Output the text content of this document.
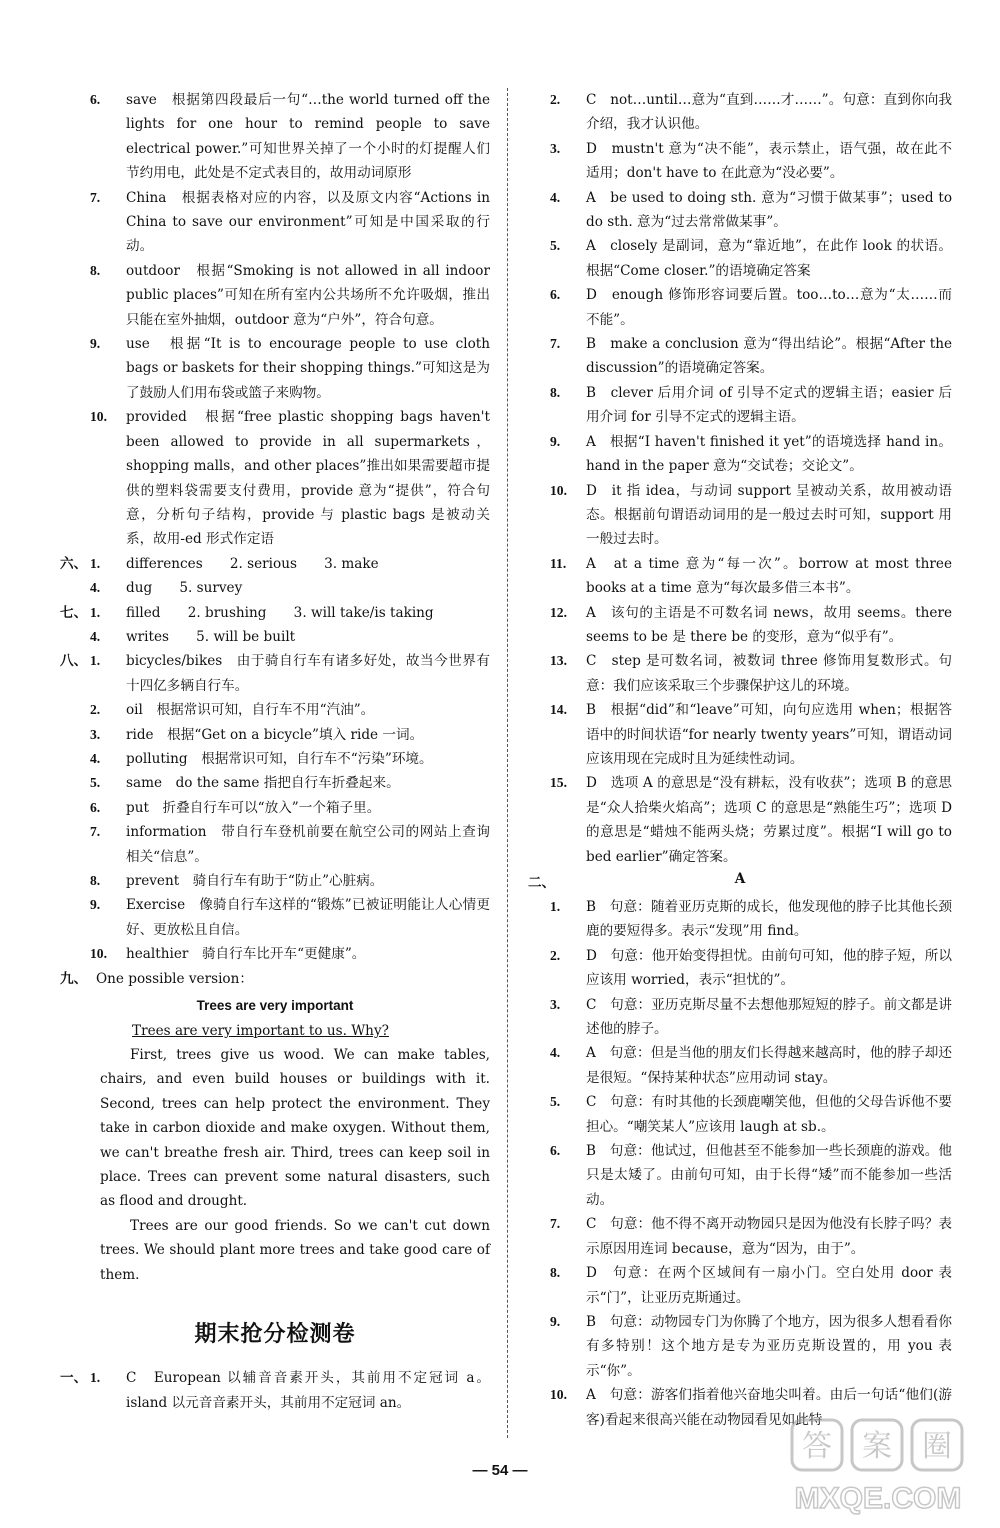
6. save　根据第四段最后一句“…the world turned off the lights for one hour to remind people to save electrical power.”可知世界关掉了一个小时的灯提醒人们节约用电，此处是不定式表目的，故用动词原形

7. China　根据表格对应的内容，以及原文内容“Actions in China to save our environment”可知是中国采取的行动。

8. outdoor　根据“Smoking is not allowed in all indoor public places”可知在所有室内公共场所不允许吸烟，推出只能在室外抽烟，outdoor 意为“户外”，符合句意。

9. use　根据“It is to encourage people to use cloth bags or baskets for their shopping things.”可知这是为了鼓励人们用布袋或篮子来购物。

10. provided　根据“free plastic shopping bags haven't been allowed to provide in all supermarkets，shopping malls，and other places”推出如果需要超市提供的塑料袋需要支付费用，provide 意为“提供”，符合句意，分析句子结构，provide 与 plastic bags 是被动关系，故用-ed 形式作定语

六、 1. differences　　2. serious　　3. make

4. dug　　5. survey

七、 1. filled　　2. brushing　　3. will take/is taking

4. writes　　5. will be built

八、 1. bicycles/bikes　由于骑自行车有诸多好处，故当今世界有十四亿多辆自行车。

2. oil　根据常识可知，自行车不用“汽油”。

3. ride　根据“Get on a bicycle”填入 ride 一词。

4. polluting　根据常识可知，自行车不“污染”环境。

5. same　do the same 指把自行车折叠起来。

6. put　折叠自行车可以“放入”一个箱子里。

7. information　带自行车登机前要在航空公司的网站上查询相关“信息”。

8. prevent　骑自行车有助于“防止”心脏病。

9. Exercise　像骑自行车这样的“锻炼”已被证明能让人心情更好、更放松且自信。

10. healthier　骑自行车比开车“更健康”。

九、 One possible version：

Trees are very important

Trees are very important to us. Why?

First, trees give us wood. We can make tables, chairs, and even build houses or buildings with it. Second, trees can help protect the environment. They take in carbon dioxide and make oxygen. Without them, we can't breathe fresh air. Third, trees can keep soil in place. Trees can prevent some natural disasters, such as flood and drought.

Trees are our good friends. So we can't cut down trees. We should plant more trees and take good care of them.

期末抢分检测卷

一、 1. C　European 以辅音音素开头，其前用不定冠词 a。island 以元音音素开头，其前用不定冠词 an。

2. C　not…until…意为“直到……才……”。句意：直到你向我介绍，我才认识他。

3. D　mustn't 意为“决不能”，表示禁止，语气强，故在此不适用；don't have to 在此意为“没必要”。

4. A　be used to doing sth. 意为“习惯于做某事”；used to do sth. 意为“过去常常做某事”。

5. A　closely 是副词，意为“靠近地”，在此作 look 的状语。根据“Come closer.”的语境确定答案

6. D　enough 修饰形容词要后置。too…to…意为“太……而不能”。

7. B　make a conclusion 意为“得出结论”。根据“After the discussion”的语境确定答案。

8. B　clever 后用介词 of 引导不定式的逻辑主语；easier 后用介词 for 引导不定式的逻辑主语。

9. A　根据“I haven't finished it yet”的语境选择 hand in。hand in the paper 意为“交试卷；交论文”。

10. D　it 指 idea，与动词 support 呈被动关系，故用被动语态。根据前句谓语动词用的是一般过去时可知，support 用一般过去时。

11. A　at a time 意为“每一次”。borrow at most three books at a time 意为“每次最多借三本书”。

12. A　该句的主语是不可数名词 news，故用 seems。there seems to be 是 there be 的变形，意为“似乎有”。

13. C　step 是可数名词，被数词 three 修饰用复数形式。句意：我们应该采取三个步骤保护这儿的环境。

14. B　根据“did”和“leave”可知，向句应选用 when；根据答语中的时间状语“for nearly twenty years”可知，谓语动词应该用现在完成时且为延续性动词。

15. D　选项 A 的意思是“没有耕耘，没有收获”；选项 B 的意思是“众人拾柴火焰高”；选项 C 的意思是“熟能生巧”；选项 D 的意思是“蜡烛不能两头烧；劳累过度”。根据“I will go to bed earlier”确定答案。

二、	A

1. B　句意：随着亚历克斯的成长，他发现他的脖子比其他长颈鹿的要短得多。表示“发现”用 find。

2. D　句意：他开始变得担忧。由前句可知，他的脖子短，所以应该用 worried，表示“担忧的”。

3. C　句意：亚历克斯尽量不去想他那短短的脖子。前文都是讲述他的脖子。

4. A　句意：但是当他的朋友们长得越来越高时，他的脖子却还是很短。“保持某种状态”应用动词 stay。

5. C　句意：有时其他的长颈鹿嘲笑他，但他的父母告诉他不要担心。“嘲笑某人”应该用 laugh at sb.。

6. B　句意：他试过，但他甚至不能参加一些长颈鹿的游戏。他只是太矮了。由前句可知，由于长得“矮”而不能参加一些活动。

7. C　句意：他不得不离开动物园只是因为他没有长脖子吗？表示原因用连词 because，意为“因为，由于”。

8. D　句意：在两个区域间有一扇小门。空白处用 door 表示“门”，让亚历克斯通过。

9. B　句意：动物园专门为你腾了个地方，因为很多人想看看你有多特别！这个地方是专为亚历克斯设置的，用 you 表示“你”。

10. A　句意：游客们指着他兴奋地尖叫着。由后一句话“他们(游客)看起来很高兴能在动物园看见如此特

— 54 —
答 案 圈
MXQE.COM
